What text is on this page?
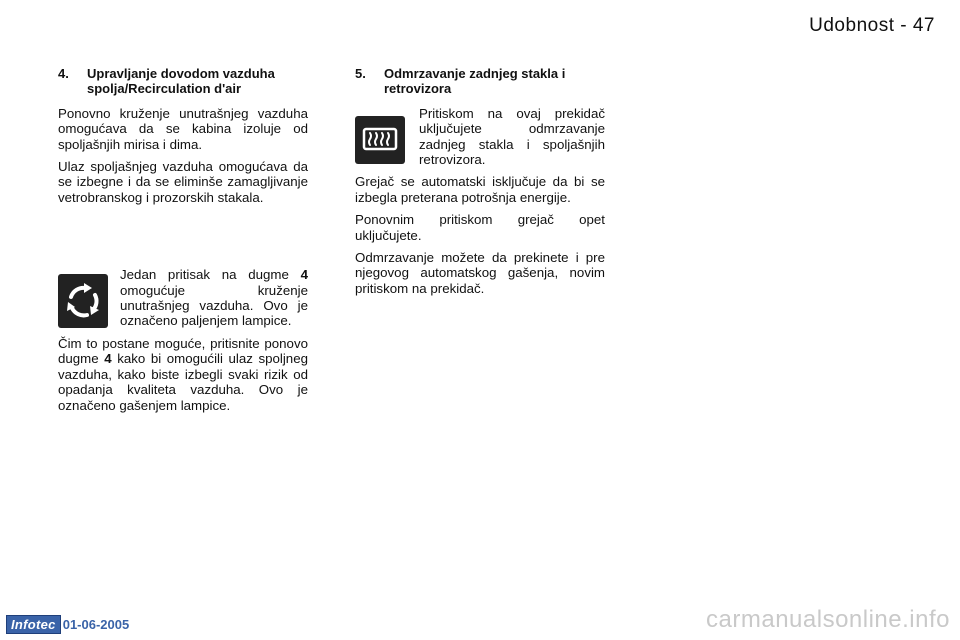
Udobnost - 47
4.	Upravljanje dovodom vazduha spolja/Recirculation d'air

Ponovno kruženje unutrašnjeg vazduha omogućava da se kabina izoluje od spoljašnjih mirisa i dima.

Ulaz spoljašnjeg vazduha omogućava da se izbegne i da se eliminše zamagljivanje vetrobranskog i prozorskih stakala.

Jedan pritisak na dugme 4 omogućuje kruženje unutrašnjeg vazduha. Ovo je označeno paljenjem lampice.

Čim to postane moguće, pritisnite ponovo dugme 4 kako bi omogućili ulaz spoljneg vazduha, kako biste izbegli svaki rizik od opadanja kvaliteta vazduha. Ovo je označeno gašenjem lampice.

5.	Odmrzavanje zadnjeg stakla i retrovizora
Pritiskom na ovaj prekidač uključujete odmrzavanje zadnjeg stakla i spoljašnjih retrovizora.

Grejač se automatski isključuje da bi se izbegla preterana potrošnja energije.

Ponovnim pritiskom grejač opet uključujete.

Odmrzavanje možete da prekinete i pre njegovog automatskog gašenja, novim pritiskom na prekidač.

Infotec 01-06-2005	carmanualsonline.info
